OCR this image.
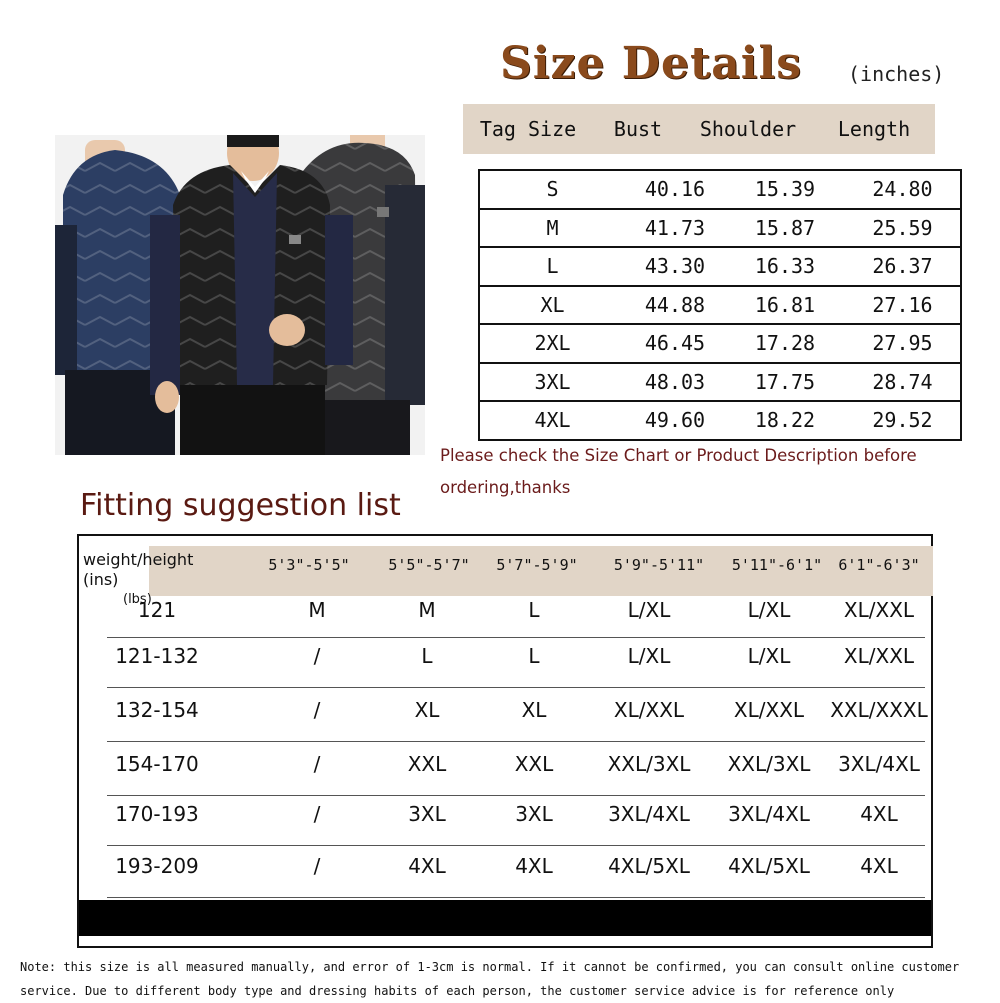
Size Details (inches)
Tag Size	Bust	Shoulder	Length
S	40.16	15.39	24.80
M	41.73	15.87	25.59
L	43.30	16.33	26.37
XL	44.88	16.81	27.16
2XL	46.45	17.28	27.95
3XL	48.03	17.75	28.74
4XL	49.60	18.22	29.52
Please check the Size Chart or Product Description before ordering,thanks
Fitting suggestion list
weight/height (ins)
(lbs)
5'3"-5'5"	5'5"-5'7"	5'7"-5'9"	5'9"-5'11"	5'11"-6'1"	6'1"-6'3"
121	M	M	L	L/XL	L/XL	XL/XXL
121-132	/	L	L	L/XL	L/XL	XL/XXL
132-154	/	XL	XL	XL/XXL	XL/XXL	XXL/XXXL
154-170	/	XXL	XXL	XXL/3XL	XXL/3XL	3XL/4XL
170-193	/	3XL	3XL	3XL/4XL	3XL/4XL	4XL
193-209	/	4XL	4XL	4XL/5XL	4XL/5XL	4XL
Note: this size is all measured manually, and error of 1-3cm is normal. If it cannot be confirmed, you can consult online customer service. Due to different body type and dressing habits of each person, the customer service advice is for reference only
